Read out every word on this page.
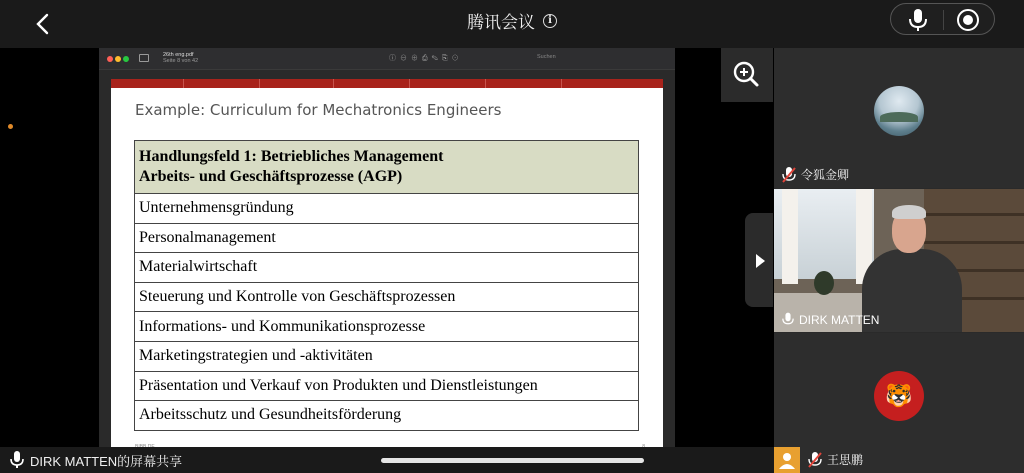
腾讯会议 i
26th eng.pdf
Seite 8 von 42	ⓘ⊖⊕⎙✎⎘⊙	Suchen
Example: Curriculum for Mechatronics Engineers
Handlungsfeld 1: Betriebliches Management
Arbeits- und Geschäftsprozesse (AGP)

Unternehmensgründung
Personalmanagement
Materialwirtschaft
Steuerung und Kontrolle von Geschäftsprozessen
Informations- und Kommunikationsprozesse
Marketingstrategien und -aktivitäten
Präsentation und Verkauf von Produkten und Dienstleistungen
Arbeitsschutz und Gesundheitsförderung
DIRK MATTEN的屏幕共享
令狐金卿
DIRK MATTEN
🐯
王思鹏
